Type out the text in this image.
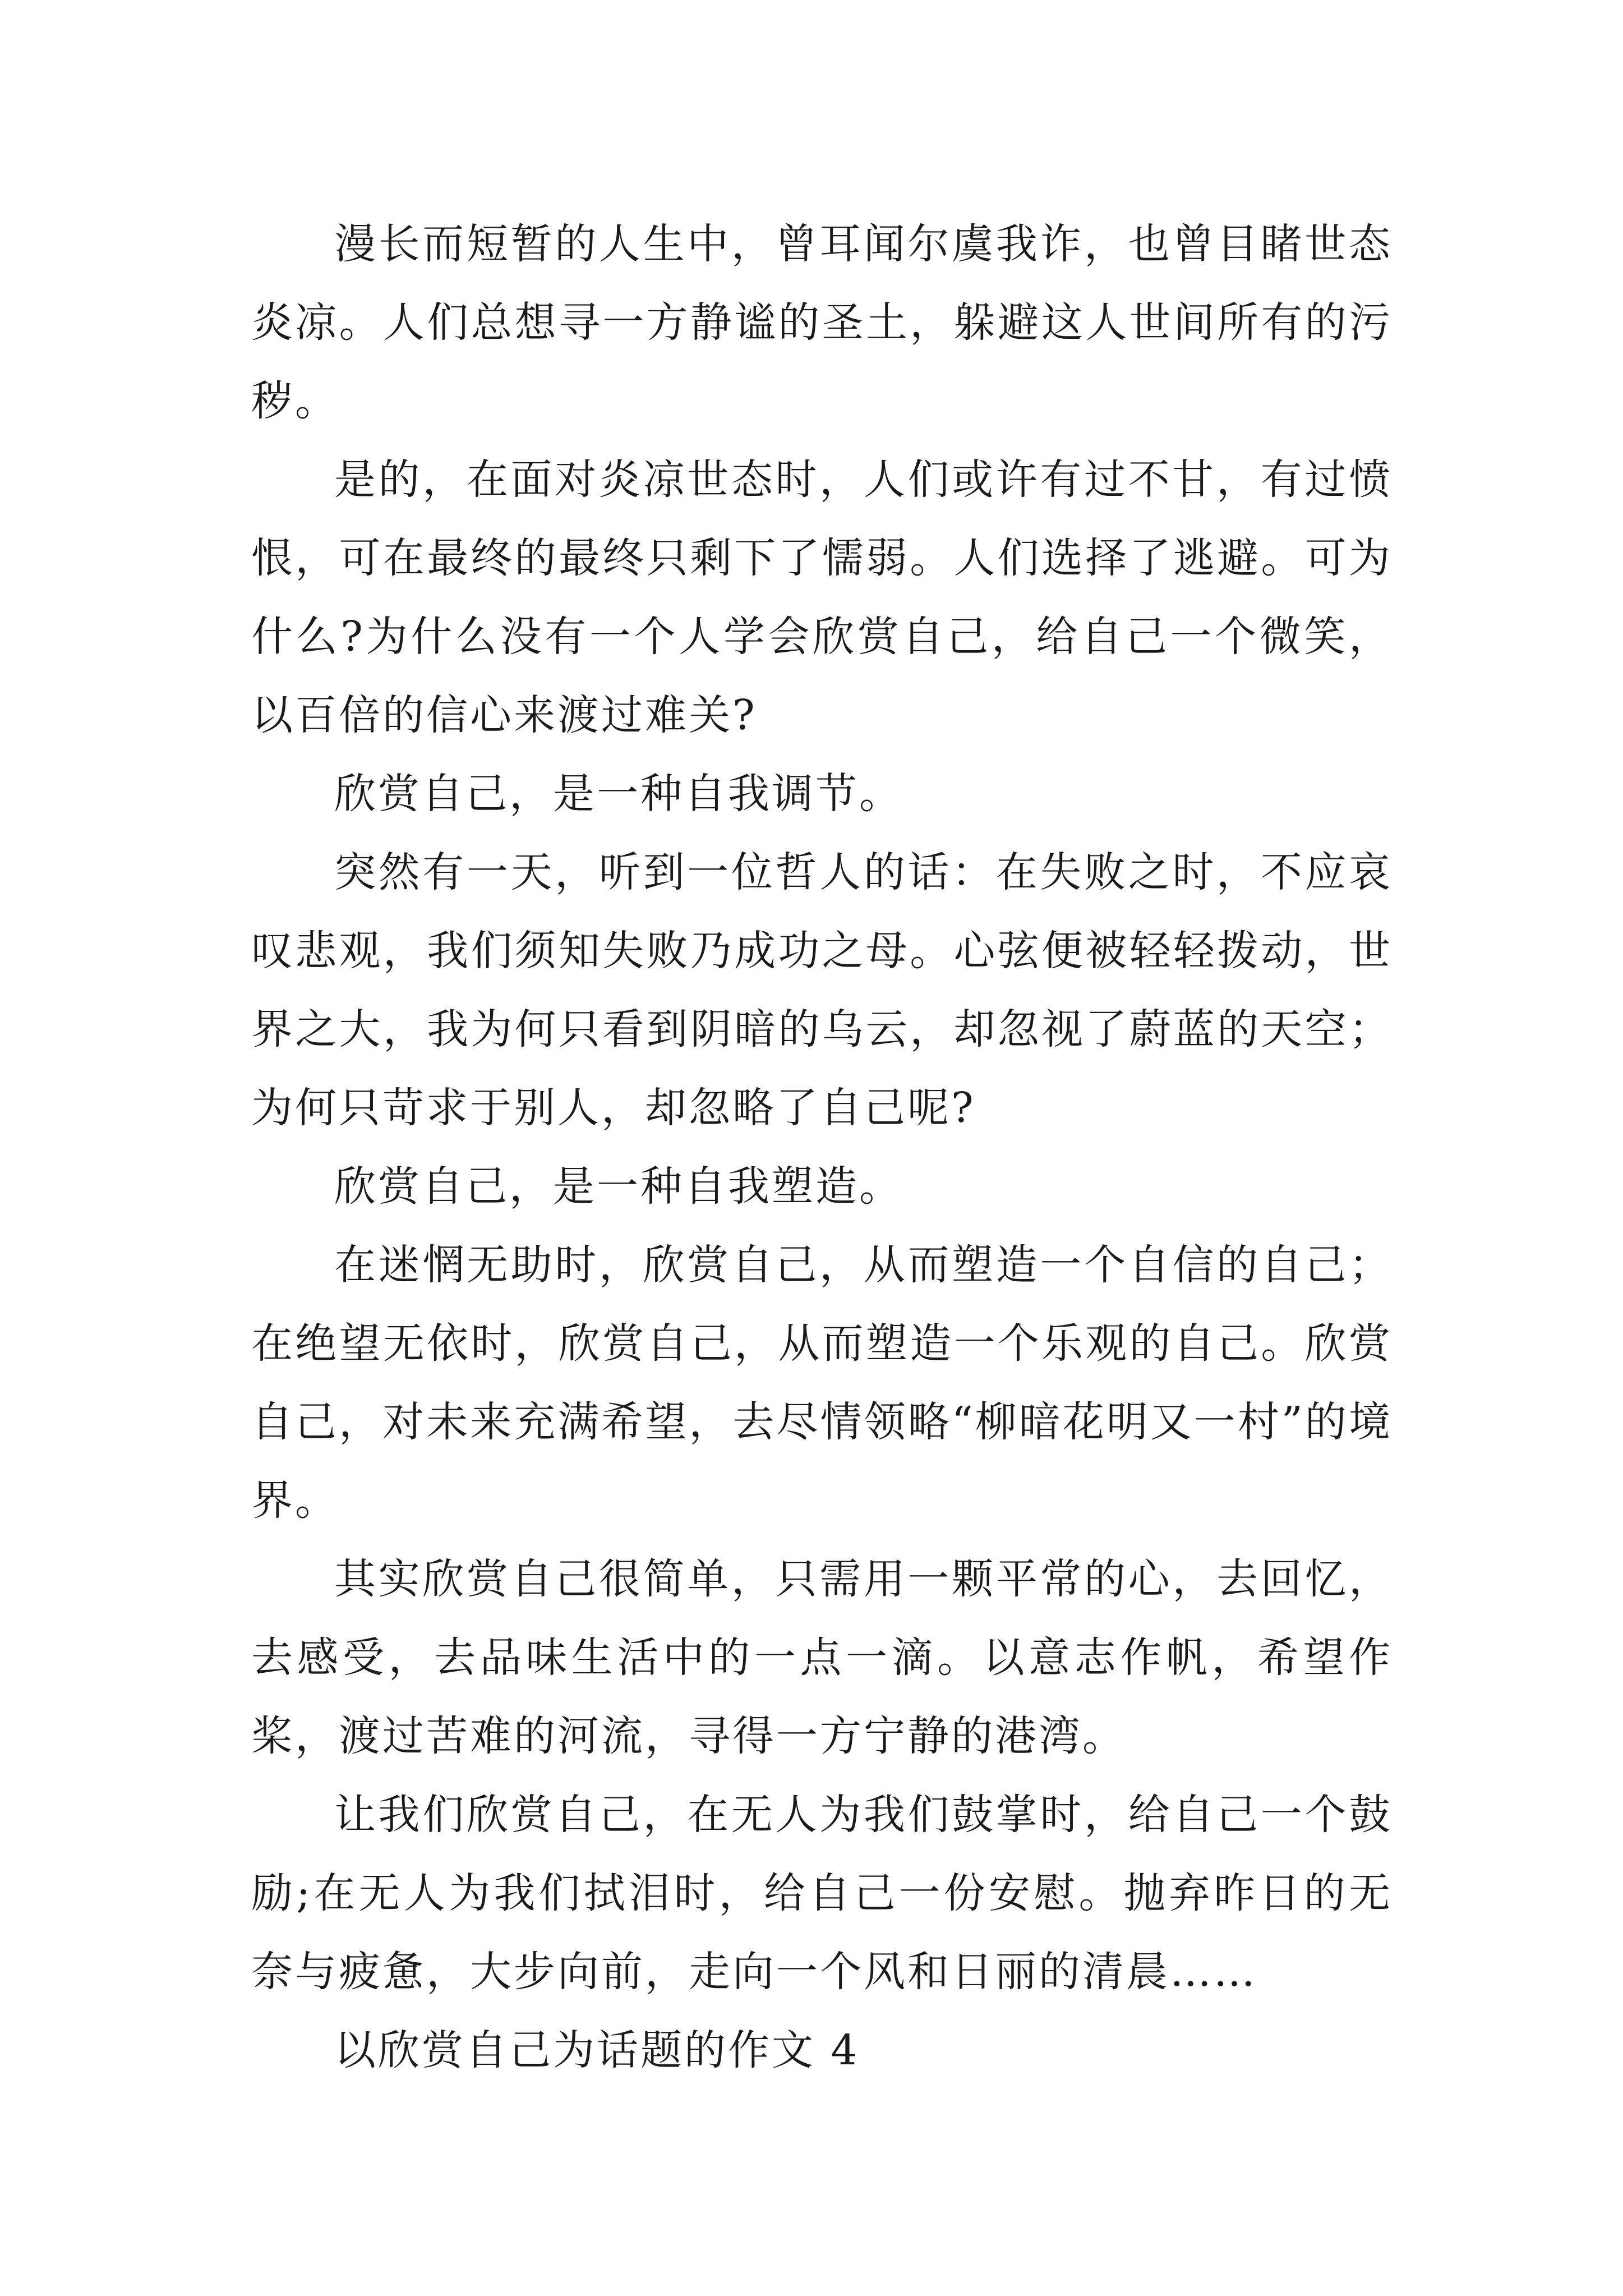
漫长而短暂的人生中，曾耳闻尔虞我诈，也曾目睹世态炎凉。人们总想寻一方静谧的圣土，躲避这人世间所有的污秽。

是的，在面对炎凉世态时，人们或许有过不甘，有过愤恨，可在最终的最终只剩下了懦弱。人们选择了逃避。可为什么?为什么没有一个人学会欣赏自己，给自己一个微笑，以百倍的信心来渡过难关?

欣赏自己，是一种自我调节。

突然有一天，听到一位哲人的话：在失败之时，不应哀叹悲观，我们须知失败乃成功之母。心弦便被轻轻拨动，世界之大，我为何只看到阴暗的乌云，却忽视了蔚蓝的天空；为何只苛求于别人，却忽略了自己呢?

欣赏自己，是一种自我塑造。

在迷惘无助时，欣赏自己，从而塑造一个自信的自己；在绝望无依时，欣赏自己，从而塑造一个乐观的自己。欣赏自己，对未来充满希望，去尽情领略“柳暗花明又一村”的境界。

其实欣赏自己很简单，只需用一颗平常的心，去回忆，去感受，去品味生活中的一点一滴。以意志作帆，希望作桨，渡过苦难的河流，寻得一方宁静的港湾。

让我们欣赏自己，在无人为我们鼓掌时，给自己一个鼓励;在无人为我们拭泪时，给自己一份安慰。抛弃昨日的无奈与疲惫，大步向前，走向一个风和日丽的清晨……

以欣赏自己为话题的作文 4
